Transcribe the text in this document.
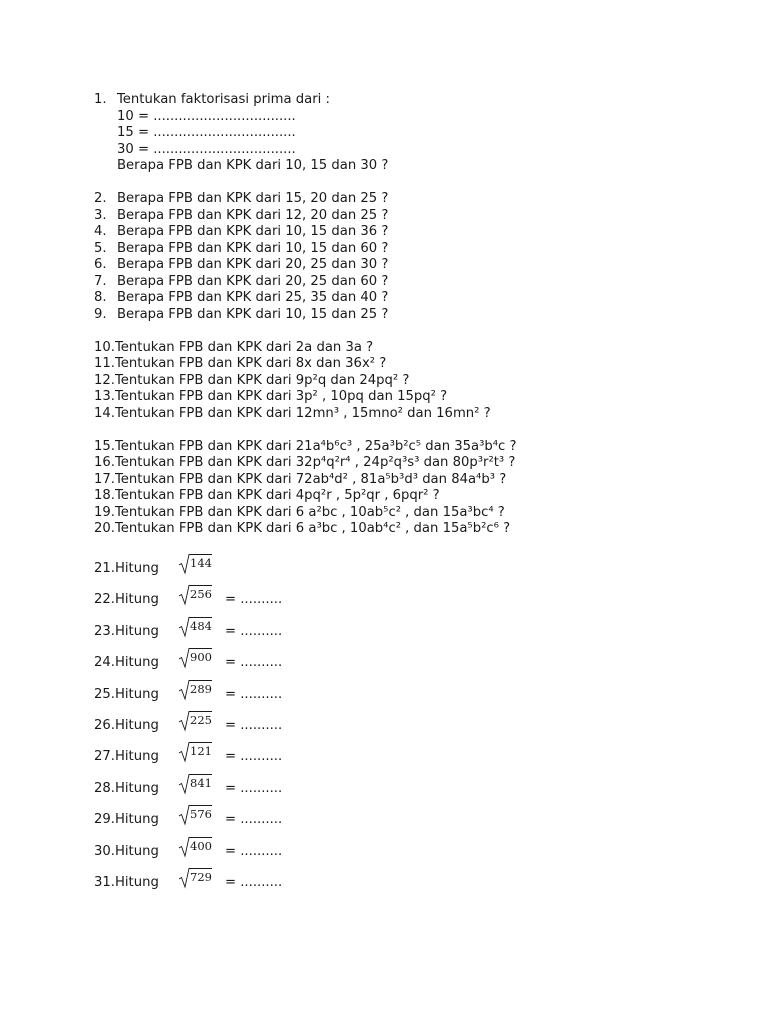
1. Tentukan faktorisasi prima dari :
10 = ..................................
15 = ..................................
30 = ..................................
Berapa FPB dan KPK dari 10, 15 dan 30 ?
2. Berapa FPB dan KPK dari 15, 20 dan 25 ?
3. Berapa FPB dan KPK dari 12, 20 dan 25 ?
4. Berapa FPB dan KPK dari 10, 15 dan 36 ?
5. Berapa FPB dan KPK dari 10, 15 dan 60 ?
6. Berapa FPB dan KPK dari 20, 25 dan 30 ?
7. Berapa FPB dan KPK dari 20, 25 dan 60 ?
8. Berapa FPB dan KPK dari 25, 35 dan 40 ?
9. Berapa FPB dan KPK dari 10, 15 dan 25 ?
10.Tentukan FPB dan KPK dari 2a dan 3a ?
11.Tentukan FPB dan KPK dari 8x dan 36x² ?
12.Tentukan FPB dan KPK dari 9p²q dan 24pq² ?
13.Tentukan FPB dan KPK dari 3p² , 10pq dan 15pq² ?
14.Tentukan FPB dan KPK dari 12mn³ , 15mno² dan 16mn² ?
15.Tentukan FPB dan KPK dari 21a⁴b⁶c³ , 25a³b²c⁵ dan 35a³b⁴c ?
16.Tentukan FPB dan KPK dari 32p⁴q²r⁴ , 24p²q³s³ dan 80p³r²t³ ?
17.Tentukan FPB dan KPK dari 72ab⁴d² , 81a⁵b³d³ dan 84a⁴b³ ?
18.Tentukan FPB dan KPK dari 4pq²r , 5p²qr , 6pqr² ?
19.Tentukan FPB dan KPK dari 6 a²bc , 10ab⁵c² , dan 15a³bc⁴ ?
20.Tentukan FPB dan KPK dari 6 a³bc , 10ab⁴c² , dan 15a⁵b²c⁶ ?
21.Hitung	144
22.Hitung	256 = ..........
23.Hitung	484 = ..........
24.Hitung	900 = ..........
25.Hitung	289 = ..........
26.Hitung	225 = ..........
27.Hitung	121 = ..........
28.Hitung	841 = ..........
29.Hitung	576 = ..........
30.Hitung	400 = ..........
31.Hitung	729 = ..........
